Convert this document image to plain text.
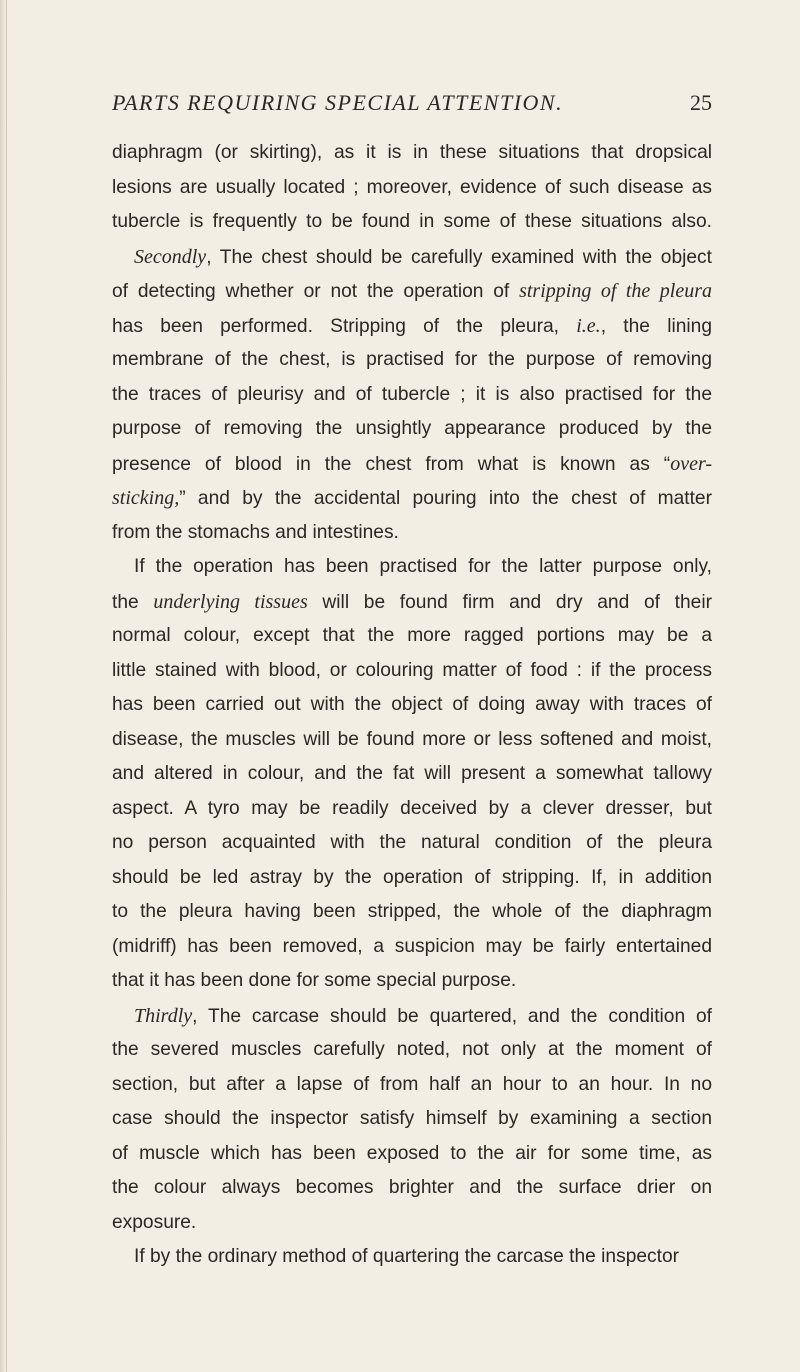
PARTS REQUIRING SPECIAL ATTENTION.	25
diaphragm (or skirting), as it is in these situations that dropsical
lesions are usually located ; moreover, evidence of such disease as
tubercle is frequently to be found in some of these situations also.
Secondly, The chest should be carefully examined with the object
of detecting whether or not the operation of stripping of the pleura
has been performed. Stripping of the pleura, i.e., the lining
membrane of the chest, is practised for the purpose of removing
the traces of pleurisy and of tubercle ; it is also practised for the
purpose of removing the unsightly appearance produced by the
presence of blood in the chest from what is known as “over-
sticking,” and by the accidental pouring into the chest of matter
from the stomachs and intestines.
If the operation has been practised for the latter purpose only,
the underlying tissues will be found firm and dry and of their
normal colour, except that the more ragged portions may be a
little stained with blood, or colouring matter of food : if the process
has been carried out with the object of doing away with traces of
disease, the muscles will be found more or less softened and moist,
and altered in colour, and the fat will present a somewhat tallowy
aspect. A tyro may be readily deceived by a clever dresser, but
no person acquainted with the natural condition of the pleura
should be led astray by the operation of stripping. If, in addition
to the pleura having been stripped, the whole of the diaphragm
(midriff) has been removed, a suspicion may be fairly entertained
that it has been done for some special purpose.
Thirdly, The carcase should be quartered, and the condition of
the severed muscles carefully noted, not only at the moment of
section, but after a lapse of from half an hour to an hour. In no
case should the inspector satisfy himself by examining a section
of muscle which has been exposed to the air for some time, as
the colour always becomes brighter and the surface drier on
exposure.
If by the ordinary method of quartering the carcase the inspector
